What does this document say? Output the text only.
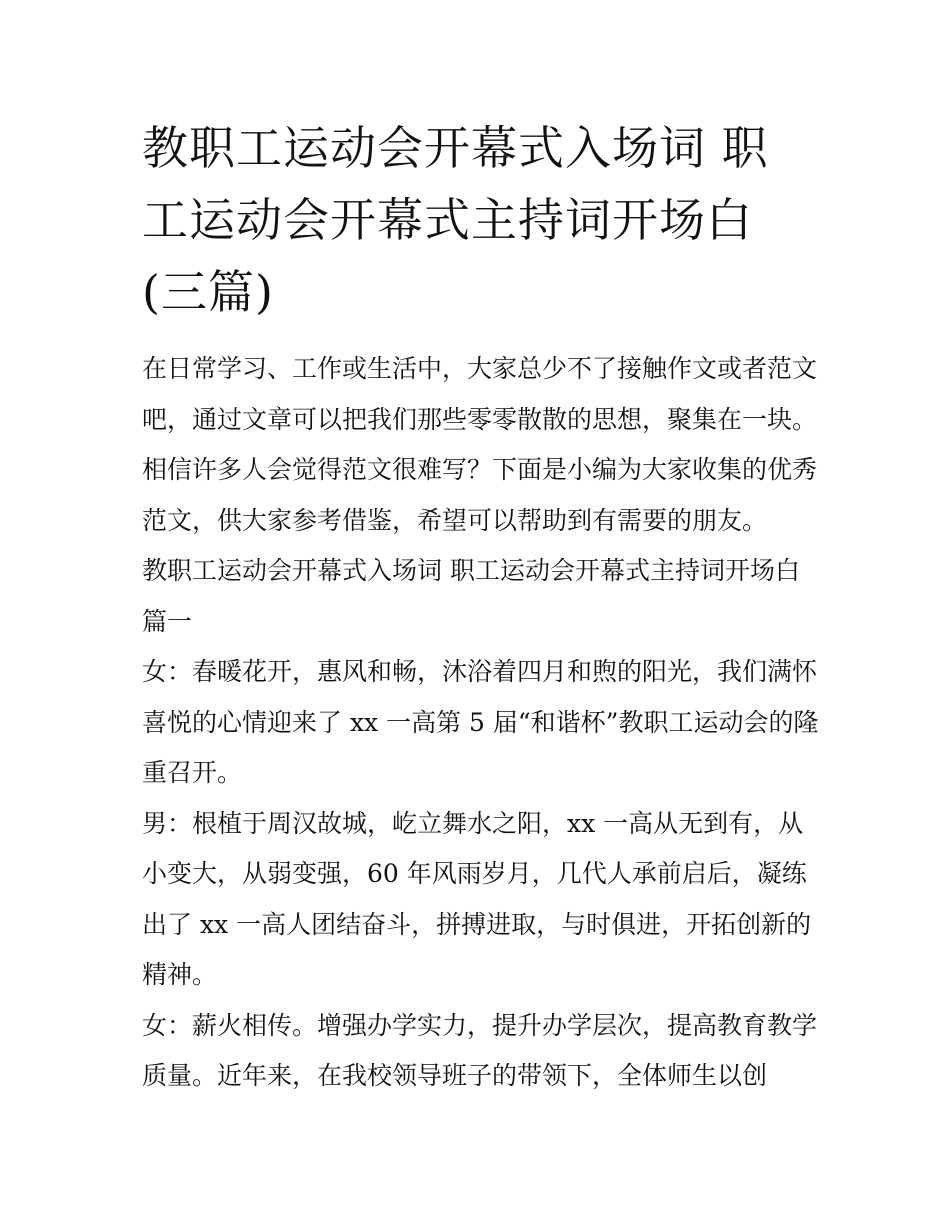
教职工运动会开幕式入场词 职
工运动会开幕式主持词开场白
(三篇)
在日常学习、工作或生活中，大家总少不了接触作文或者范文
吧，通过文章可以把我们那些零零散散的思想，聚集在一块。
相信许多人会觉得范文很难写？下面是小编为大家收集的优秀
范文，供大家参考借鉴，希望可以帮助到有需要的朋友。
教职工运动会开幕式入场词 职工运动会开幕式主持词开场白
篇一
女：春暖花开，惠风和畅，沐浴着四月和煦的阳光，我们满怀
喜悦的心情迎来了 xx 一高第 5 届“和谐杯”教职工运动会的隆
重召开。
男：根植于周汉故城，屹立舞水之阳，xx 一高从无到有，从
小变大，从弱变强，60 年风雨岁月，几代人承前启后，凝练
出了 xx 一高人团结奋斗，拼搏进取，与时俱进，开拓创新的
精神。
女：薪火相传。增强办学实力，提升办学层次，提高教育教学
质量。近年来，在我校领导班子的带领下，全体师生以创
